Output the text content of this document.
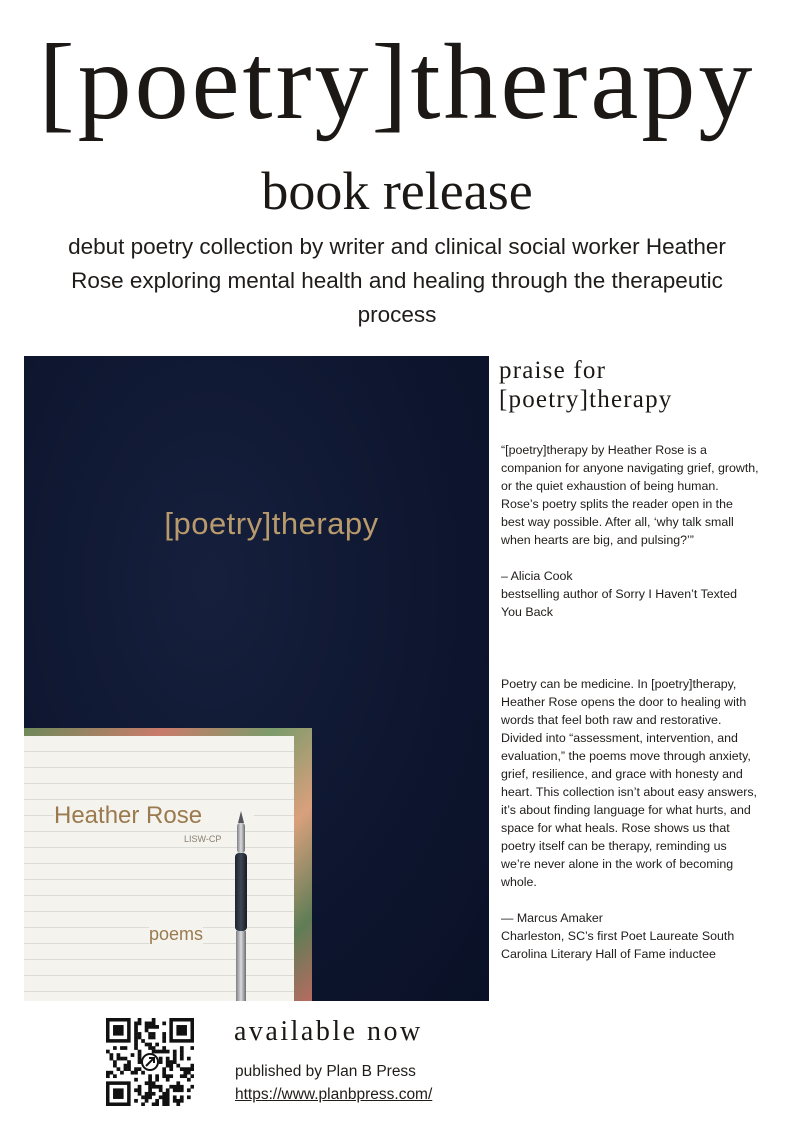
[poetry]therapy
book release

debut poetry collection by writer and clinical social worker Heather Rose exploring mental health and healing through the therapeutic process

[poetry]therapy
Heather Rose
LISW-CP
poems
praise for [poetry]therapy

“[poetry]therapy by Heather Rose is a companion for anyone navigating grief, growth, or the quiet exhaustion of being human. Rose’s poetry splits the reader open in the best way possible. After all, ‘why talk small when hearts are big, and pulsing?’”

– Alicia Cook

bestselling author of Sorry I Haven’t Texted You Back

Poetry can be medicine. In [poetry]therapy, Heather Rose opens the door to healing with words that feel both raw and restorative. Divided into “assessment, intervention, and evaluation,” the poems move through anxiety, grief, resilience, and grace with honesty and heart. This collection isn’t about easy answers, it’s about finding language for what hurts, and space for what heals. Rose shows us that poetry itself can be therapy, reminding us we’re never alone in the work of becoming whole.

— Marcus Amaker

Charleston, SC’s first Poet Laureate South Carolina Literary Hall of Fame inductee

available now

published by Plan B Press

https://www.planbpress.com/
